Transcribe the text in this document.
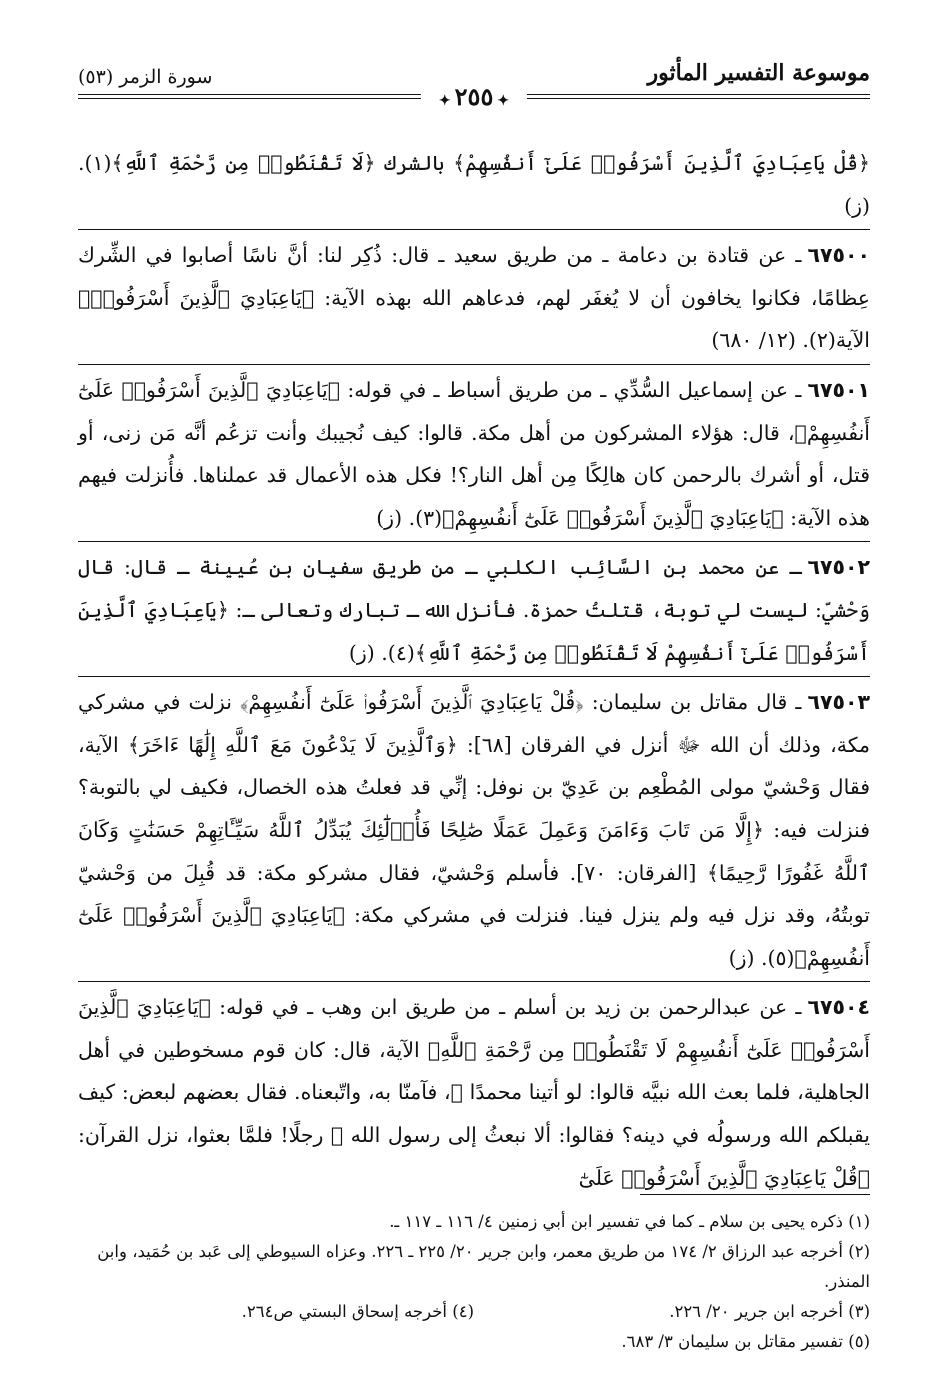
موسوعة التفسير المأثور
سورة الزمر (٥٣)
✦٢٥٥✦

﴿قُلْ يَاعِبَادِيَ ٱلَّذِينَ أَسْرَفُوا۟ عَلَىٰٓ أَنفُسِهِمْ﴾ بالشرك ﴿لَا تَقْنَطُوا۟ مِن رَّحْمَةِ ٱللَّهِ﴾(١). (ز)

٦٧٥٠٠ـ عن قتادة بن دعامة ـ من طريق سعيد ـ قال: ذُكِر لنا: أنَّ ناسًا أصابوا في الشِّرك عِظامًا، فكانوا يخافون أن لا يُغفَر لهم، فدعاهم الله بهذه الآية: ﴿يَاعِبَادِيَ ٱلَّذِينَ أَسْرَفُوا۟﴾ الآية(٢). (١٢/ ٦٨٠)

٦٧٥٠١ـ عن إسماعيل السُّدِّي ـ من طريق أسباط ـ في قوله: ﴿يَاعِبَادِيَ ٱلَّذِينَ أَسْرَفُوا۟ عَلَىٰٓ أَنفُسِهِمْ﴾، قال: هؤلاء المشركون من أهل مكة. قالوا: كيف نُجيبك وأنت تزعُم أنَّه مَن زنى، أو قتل، أو أشرك بالرحمن كان هالِكًا مِن أهل النار؟! فكل هذه الأعمال قد عملناها. فأُنزلت فيهم هذه الآية: ﴿يَاعِبَادِيَ ٱلَّذِينَ أَسْرَفُوا۟ عَلَىٰٓ أَنفُسِهِمْ﴾(٣). (ز)

٦٧٥٠٢ـ عن محمد بن السَّائِب الكلبي ـ من طريق سفيان بن عُيينة ـ قال: قال وَحْشيّ: ليست لي توبة، قتلتُ حمزة. فأنزل الله ـ تبارك وتعالى ـ: ﴿يَاعِبَادِيَ ٱلَّذِينَ أَسْرَفُوا۟ عَلَىٰٓ أَنفُسِهِمْ لَا تَقْنَطُوا۟ مِن رَّحْمَةِ ٱللَّهِ﴾(٤). (ز)

٦٧٥٠٣ـ قال مقاتل بن سليمان: ﴿قُلْ يَاعِبَادِيَ ٱلَّذِينَ أَسْرَفُوا۟ عَلَىٰٓ أَنفُسِهِمْ﴾ نزلت في مشركي مكة، وذلك أن الله ﷻ أنزل في الفرقان [٦٨]: ﴿وَٱلَّذِينَ لَا يَدْعُونَ مَعَ ٱللَّهِ إِلَٰهًا ءَاخَرَ﴾ الآية، فقال وَحْشيّ مولى المُطْعِم بن عَدِيّ بن نوفل: إنِّي قد فعلتُ هذه الخصال، فكيف لي بالتوبة؟ فنزلت فيه: ﴿إِلَّا مَن تَابَ وَءَامَنَ وَعَمِلَ عَمَلًا صَٰلِحًا فَأُو۟لَٰٓئِكَ يُبَدِّلُ ٱللَّهُ سَيِّـَٔاتِهِمْ حَسَنَٰتٍ وَكَانَ ٱللَّهُ غَفُورًا رَّحِيمًا﴾ [الفرقان: ٧٠]. فأسلم وَحْشيّ، فقال مشركو مكة: قد قُبِلَ من وَحْشيّ توبتُهُ، وقد نزل فيه ولم ينزل فينا. فنزلت في مشركي مكة: ﴿يَاعِبَادِيَ ٱلَّذِينَ أَسْرَفُوا۟ عَلَىٰٓ أَنفُسِهِمْ﴾(٥). (ز)

٦٧٥٠٤ـ عن عبدالرحمن بن زيد بن أسلم ـ من طريق ابن وهب ـ في قوله: ﴿يَاعِبَادِيَ ٱلَّذِينَ أَسْرَفُوا۟ عَلَىٰٓ أَنفُسِهِمْ لَا تَقْنَطُوا۟ مِن رَّحْمَةِ ٱللَّهِ﴾ الآية، قال: كان قوم مسخوطين في أهل الجاهلية، فلما بعث الله نبيَّه قالوا: لو أتينا محمدًا ﷺ، فآمنّا به، واتّبعناه. فقال بعضهم لبعض: كيف يقبلكم الله ورسولُه في دينه؟ فقالوا: ألا نبعثُ إلى رسول الله ﷺ رجلًا! فلمَّا بعثوا، نزل القرآن: ﴿قُلْ يَاعِبَادِيَ ٱلَّذِينَ أَسْرَفُوا۟ عَلَىٰٓ

(١) ذكره يحيى بن سلام ـ كما في تفسير ابن أبي زمنين ٤/ ١١٦ ـ ١١٧ ـ.

(٢) أخرجه عبد الرزاق ٢/ ١٧٤ من طريق معمر، وابن جرير ٢٠/ ٢٢٥ ـ ٢٢٦. وعزاه السيوطي إلى عَبد بن حُمَيد، وابن المنذر.

(٣) أخرجه ابن جرير ٢٠/ ٢٢٦.

(٤) أخرجه إسحاق البستي ص٢٦٤.

(٥) تفسير مقاتل بن سليمان ٣/ ٦٨٣.
